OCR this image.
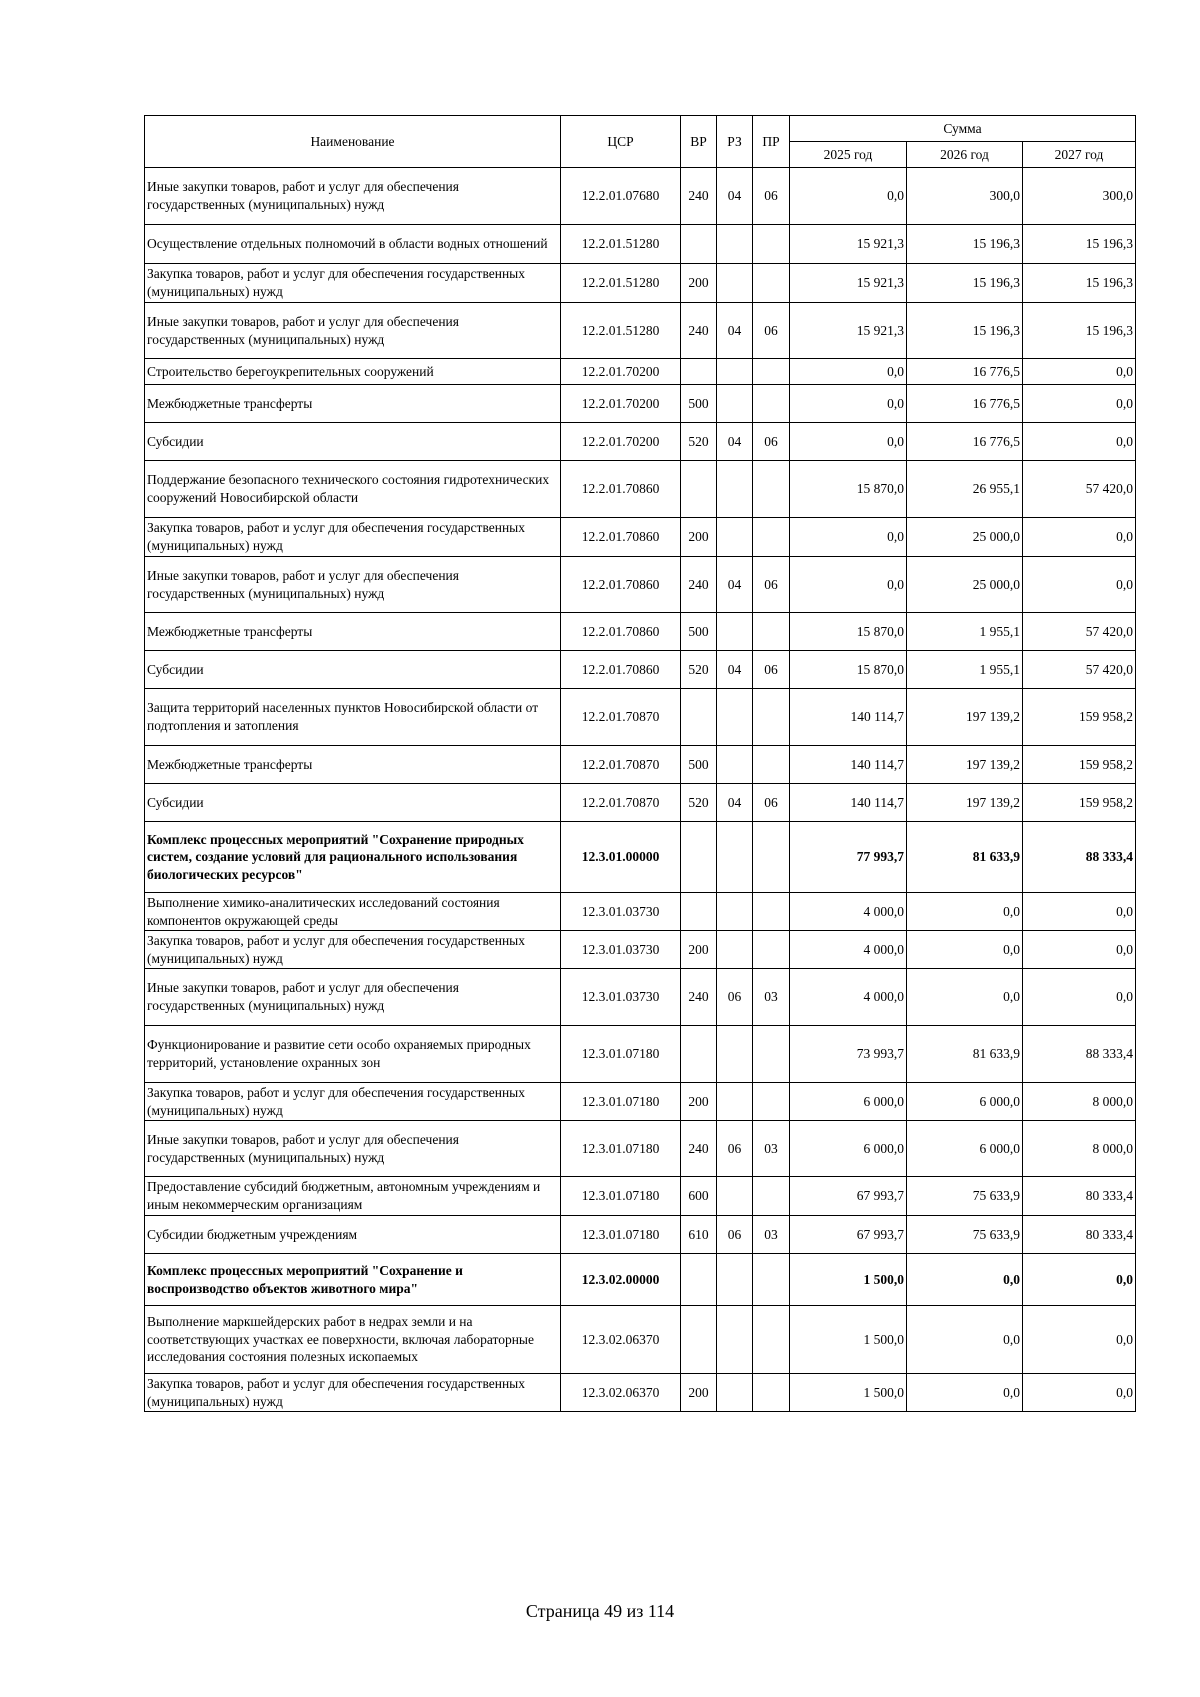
Наименование	ЦСР	ВР	РЗ	ПР	Сумма		
					2025 год	2026 год	2027 год
Иные закупки товаров, работ и услуг для обеспечения государственных (муниципальных) нужд	12.2.01.07680	240	04	06	0,0	300,0	300,0
Осуществление отдельных полномочий в области водных отношений	12.2.01.51280				15 921,3	15 196,3	15 196,3
Закупка товаров, работ и услуг для обеспечения государственных (муниципальных) нужд	12.2.01.51280	200			15 921,3	15 196,3	15 196,3
Иные закупки товаров, работ и услуг для обеспечения государственных (муниципальных) нужд	12.2.01.51280	240	04	06	15 921,3	15 196,3	15 196,3
Строительство берегоукрепительных сооружений	12.2.01.70200				0,0	16 776,5	0,0
Межбюджетные трансферты	12.2.01.70200	500			0,0	16 776,5	0,0
Субсидии	12.2.01.70200	520	04	06	0,0	16 776,5	0,0
Поддержание безопасного технического состояния гидротехнических сооружений Новосибирской области	12.2.01.70860				15 870,0	26 955,1	57 420,0
Закупка товаров, работ и услуг для обеспечения государственных (муниципальных) нужд	12.2.01.70860	200			0,0	25 000,0	0,0
Иные закупки товаров, работ и услуг для обеспечения государственных (муниципальных) нужд	12.2.01.70860	240	04	06	0,0	25 000,0	0,0
Межбюджетные трансферты	12.2.01.70860	500			15 870,0	1 955,1	57 420,0
Субсидии	12.2.01.70860	520	04	06	15 870,0	1 955,1	57 420,0
Защита территорий населенных пунктов Новосибирской области от подтопления и затопления	12.2.01.70870				140 114,7	197 139,2	159 958,2
Межбюджетные трансферты	12.2.01.70870	500			140 114,7	197 139,2	159 958,2
Субсидии	12.2.01.70870	520	04	06	140 114,7	197 139,2	159 958,2
Комплекс процессных мероприятий "Сохранение природных систем, создание условий для рационального использования биологических ресурсов"	12.3.01.00000				77 993,7	81 633,9	88 333,4
Выполнение химико-аналитических исследований состояния компонентов окружающей среды	12.3.01.03730				4 000,0	0,0	0,0
Закупка товаров, работ и услуг для обеспечения государственных (муниципальных) нужд	12.3.01.03730	200			4 000,0	0,0	0,0
Иные закупки товаров, работ и услуг для обеспечения государственных (муниципальных) нужд	12.3.01.03730	240	06	03	4 000,0	0,0	0,0
Функционирование и развитие сети особо охраняемых природных территорий, установление охранных зон	12.3.01.07180				73 993,7	81 633,9	88 333,4
Закупка товаров, работ и услуг для обеспечения государственных (муниципальных) нужд	12.3.01.07180	200			6 000,0	6 000,0	8 000,0
Иные закупки товаров, работ и услуг для обеспечения государственных (муниципальных) нужд	12.3.01.07180	240	06	03	6 000,0	6 000,0	8 000,0
Предоставление субсидий бюджетным, автономным учреждениям и иным некоммерческим организациям	12.3.01.07180	600			67 993,7	75 633,9	80 333,4
Субсидии бюджетным учреждениям	12.3.01.07180	610	06	03	67 993,7	75 633,9	80 333,4
Комплекс процессных мероприятий "Сохранение и воспроизводство объектов животного мира"	12.3.02.00000				1 500,0	0,0	0,0
Выполнение маркшейдерских работ в недрах земли и на соответствующих участках ее поверхности, включая лабораторные исследования состояния полезных ископаемых	12.3.02.06370				1 500,0	0,0	0,0
Закупка товаров, работ и услуг для обеспечения государственных (муниципальных) нужд	12.3.02.06370	200			1 500,0	0,0	0,0
Страница 49 из 114
